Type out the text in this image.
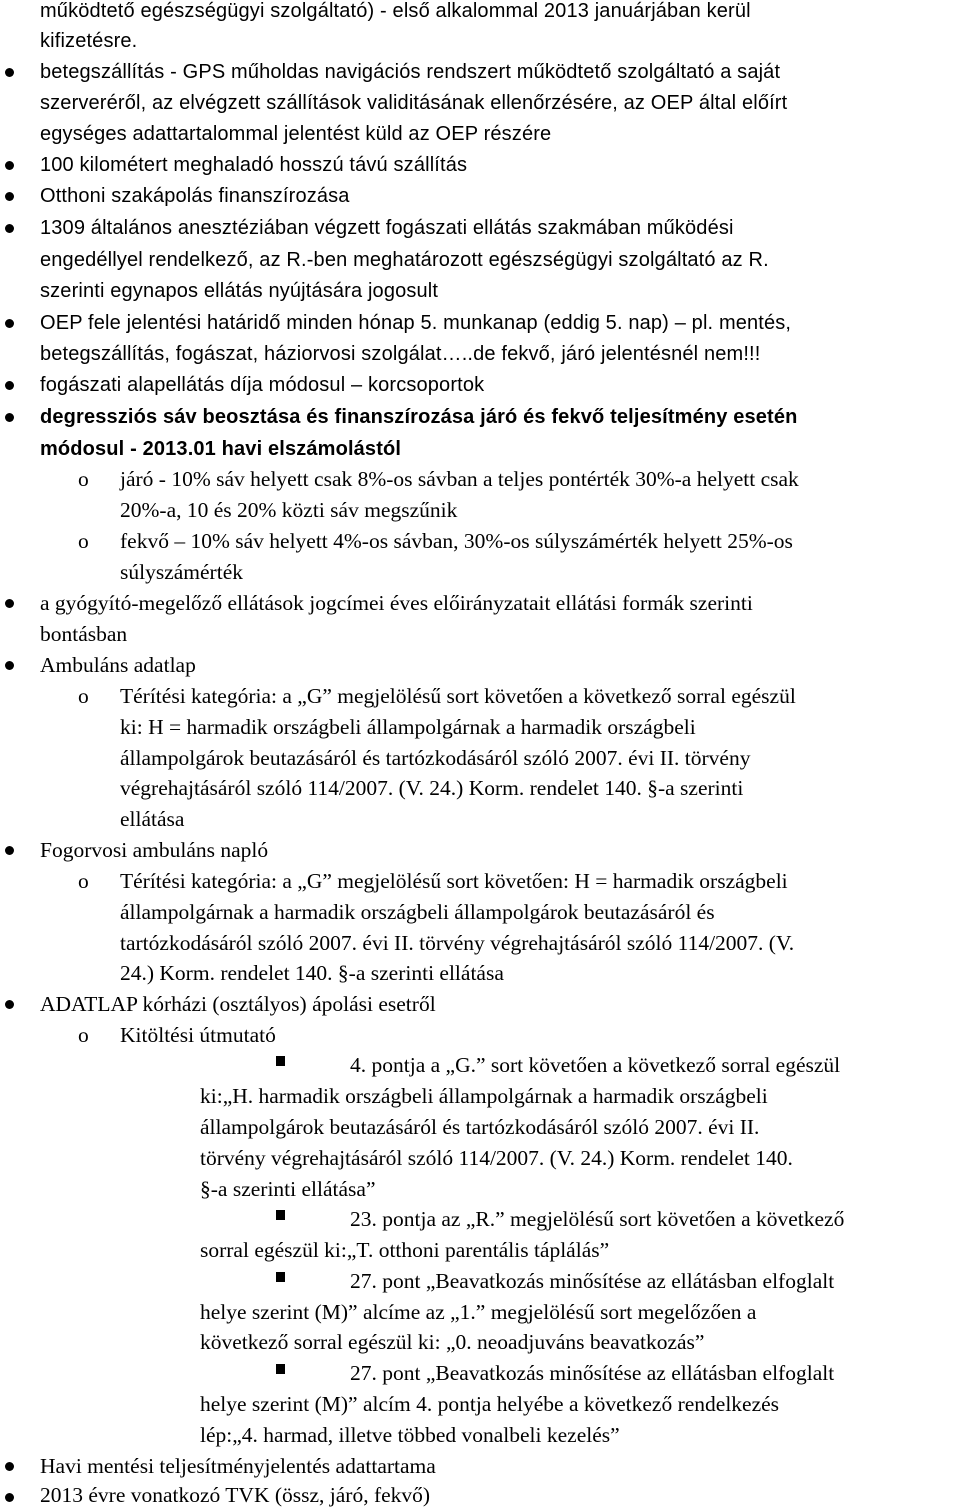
működtető egészségügyi szolgáltató) - első alkalommal 2013 januárjában kerül
kifizetésre.
betegszállítás - GPS műholdas navigációs rendszert működtető szolgáltató a saját
szerveréről, az elvégzett szállítások validitásának ellenőrzésére, az OEP által előírt
egységes adattartalommal jelentést küld az OEP részére
100 kilométert meghaladó hosszú távú szállítás
Otthoni szakápolás finanszírozása
1309 általános anesztéziában végzett fogászati ellátás szakmában működési
engedéllyel rendelkező, az R.-ben meghatározott egészségügyi szolgáltató az R.
szerinti egynapos ellátás nyújtására jogosult
OEP fele jelentési határidő minden hónap 5. munkanap (eddig 5. nap) – pl. mentés,
betegszállítás, fogászat, háziorvosi szolgálat…..de fekvő, járó jelentésnél nem!!!
fogászati alapellátás díja módosul – korcsoportok
degressziós sáv beosztása és finanszírozása járó és fekvő teljesítmény esetén
módosul - 2013.01 havi elszámolástól
o járó - 10% sáv helyett csak 8%-os sávban a teljes pontérték 30%-a helyett csak
20%-a, 10 és 20% közti sáv megszűnik
o fekvő – 10% sáv helyett 4%-os sávban, 30%-os súlyszámérték helyett 25%-os
súlyszámérték
a gyógyító-megelőző ellátások jogcímei éves előirányzatait ellátási formák szerinti
bontásban
Ambuláns adatlap
o Térítési kategória: a „G” megjelölésű sort követően a következő sorral egészül
ki: H = harmadik országbeli állampolgárnak a harmadik országbeli
állampolgárok beutazásáról és tartózkodásáról szóló 2007. évi II. törvény
végrehajtásáról szóló 114/2007. (V. 24.) Korm. rendelet 140. §-a szerinti
ellátása
Fogorvosi ambuláns napló
o Térítési kategória: a „G” megjelölésű sort követően: H = harmadik országbeli
állampolgárnak a harmadik országbeli állampolgárok beutazásáról és
tartózkodásáról szóló 2007. évi II. törvény végrehajtásáról szóló 114/2007. (V.
24.) Korm. rendelet 140. §-a szerinti ellátása
ADATLAP kórházi (osztályos) ápolási esetről
o Kitöltési útmutató
4. pontja a „G.” sort követően a következő sorral egészül
ki:„H. harmadik országbeli állampolgárnak a harmadik országbeli
állampolgárok beutazásáról és tartózkodásáról szóló 2007. évi II.
törvény végrehajtásáról szóló 114/2007. (V. 24.) Korm. rendelet 140.
§-a szerinti ellátása”
23. pontja az „R.” megjelölésű sort követően a következő
sorral egészül ki:„T. otthoni parentális táplálás”
27. pont „Beavatkozás minősítése az ellátásban elfoglalt
helye szerint (M)” alcíme az „1.” megjelölésű sort megelőzően a
következő sorral egészül ki: „0. neoadjuváns beavatkozás”
27. pont „Beavatkozás minősítése az ellátásban elfoglalt
helye szerint (M)” alcím 4. pontja helyébe a következő rendelkezés
lép:„4. harmad, illetve többed vonalbeli kezelés”
Havi mentési teljesítményjelentés adattartama
2013 évre vonatkozó TVK (össz, járó, fekvő)
